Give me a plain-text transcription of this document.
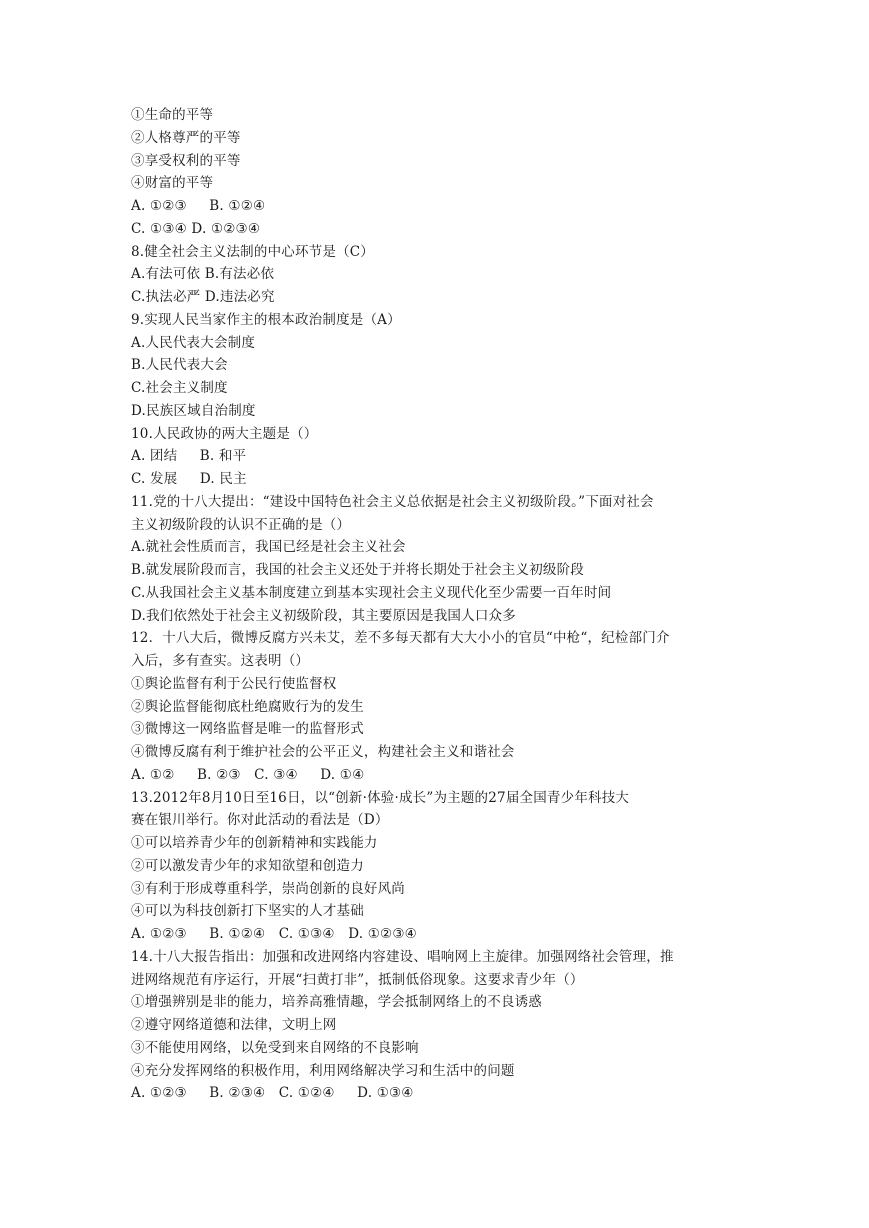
①生命的平等
②人格尊严的平等
③享受权利的平等
④财富的平等
A. ①②③     B. ①②④
C. ①③④ D. ①②③④
8.健全社会主义法制的中心环节是（C）
A.有法可依 B.有法必依
C.执法必严 D.违法必究
9.实现人民当家作主的根本政治制度是（A）
A.人民代表大会制度
B.人民代表大会
C.社会主义制度
D.民族区域自治制度
10.人民政协的两大主题是（）
A. 团结     B. 和平
C. 发展     D. 民主
11.党的十八大提出：“建设中国特色社会主义总依据是社会主义初级阶段。”下面对社会
主义初级阶段的认识不正确的是（）
A.就社会性质而言，我国已经是社会主义社会
B.就发展阶段而言，我国的社会主义还处于并将长期处于社会主义初级阶段
C.从我国社会主义基本制度建立到基本实现社会主义现代化至少需要一百年时间
D.我们依然处于社会主义初级阶段，其主要原因是我国人口众多
12．十八大后，微博反腐方兴未艾，差不多每天都有大大小小的官员“中枪“，纪检部门介
入后，多有查实。这表明（）
①舆论监督有利于公民行使监督权
②舆论监督能彻底杜绝腐败行为的发生
③微博这一网络监督是唯一的监督形式
④微博反腐有利于维护社会的公平正义，构建社会主义和谐社会
A. ①②     B. ②③   C. ③④     D. ①④
13.2012年8月10日至16日，以“创新·体验·成长”为主题的27届全国青少年科技大
赛在银川举行。你对此活动的看法是（D）
①可以培养青少年的创新精神和实践能力
②可以激发青少年的求知欲望和创造力
③有利于形成尊重科学，崇尚创新的良好风尚
④可以为科技创新打下坚实的人才基础
A. ①②③     B. ①②④   C. ①③④   D. ①②③④
14.十八大报告指出：加强和改进网络内容建设、唱响网上主旋律。加强网络社会管理，推
进网络规范有序运行，开展“扫黄打非”，抵制低俗现象。这要求青少年（）
①增强辨别是非的能力，培养高雅情趣，学会抵制网络上的不良诱惑
②遵守网络道德和法律，文明上网
③不能使用网络，以免受到来自网络的不良影响
④充分发挥网络的积极作用，利用网络解决学习和生活中的问题
A. ①②③     B. ②③④   C. ①②④     D. ①③④
